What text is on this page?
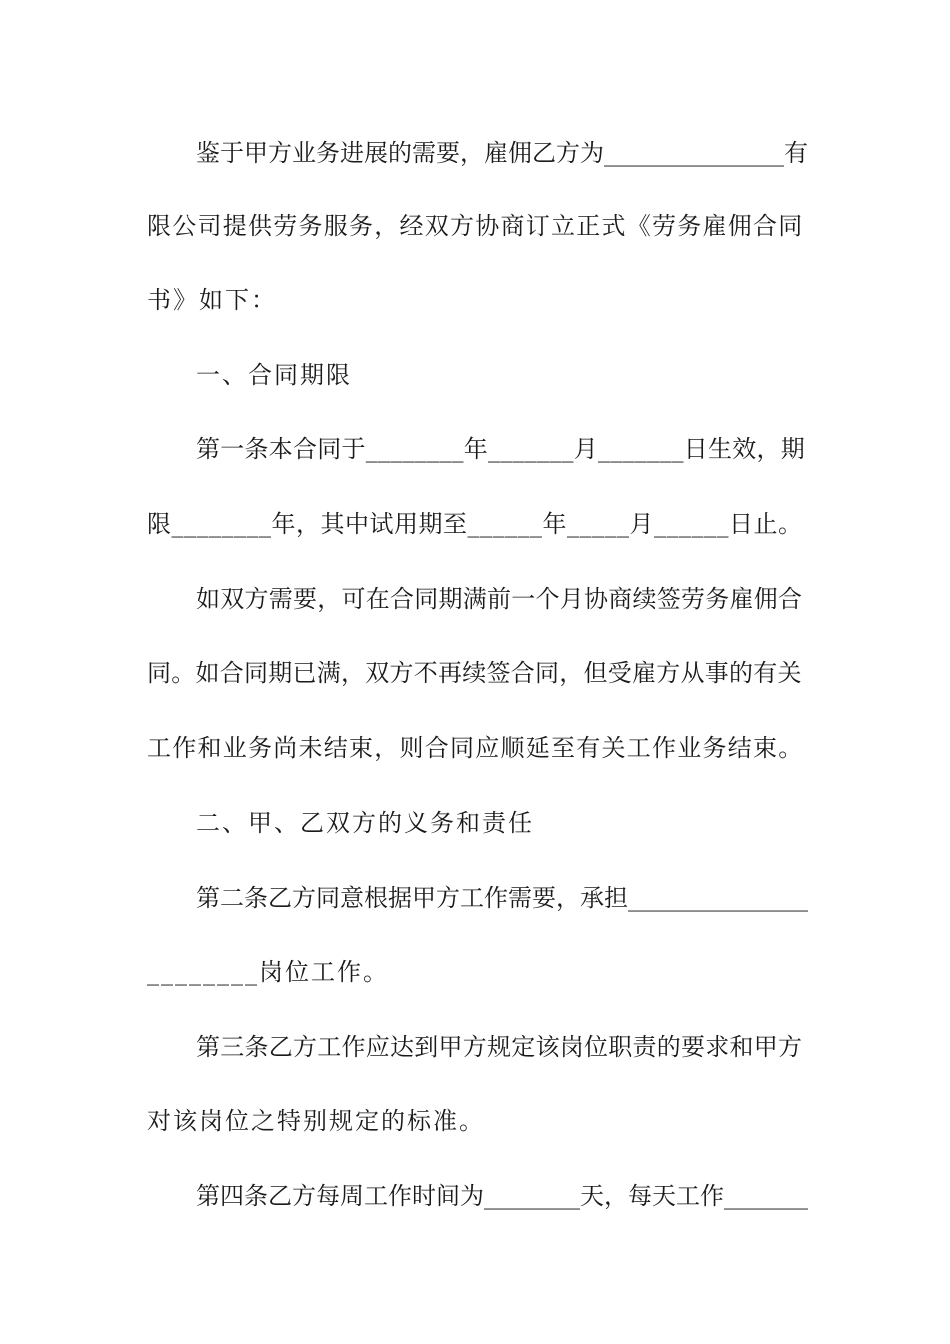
鉴于甲方业务进展的需要，雇佣乙方为_______________有
限公司提供劳务服务，经双方协商订立正式《劳务雇佣合同
书》如下：
一、合同期限
第一条本合同于________年_______月_______日生效，期
限________年，其中试用期至______年_____月______日止。
如双方需要，可在合同期满前一个月协商续签劳务雇佣合
同。如合同期已满，双方不再续签合同，但受雇方从事的有关
工作和业务尚未结束，则合同应顺延至有关工作业务结束。
二、甲、乙双方的义务和责任
第二条乙方同意根据甲方工作需要，承担_______________
________岗位工作。
第三条乙方工作应达到甲方规定该岗位职责的要求和甲方
对该岗位之特别规定的标准。
第四条乙方每周工作时间为________天，每天工作_______
